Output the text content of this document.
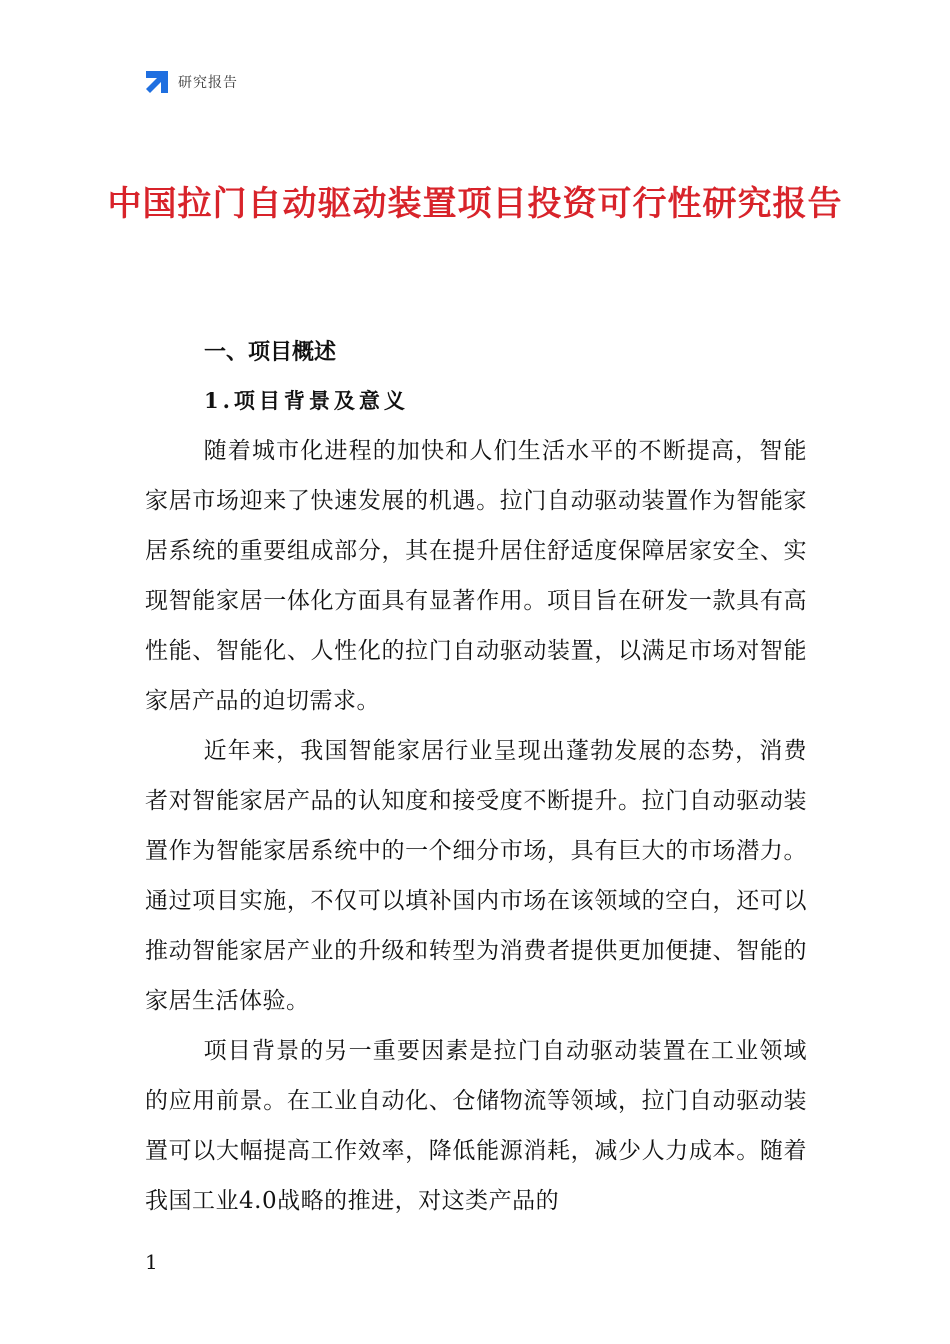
研究报告
中国拉门自动驱动装置项目投资可行性研究报告
一、项目概述
1.项目背景及意义

随着城市化进程的加快和人们生活水平的不断提高，智能家居市场迎来了快速发展的机遇。拉门自动驱动装置作为智能家居系统的重要组成部分，其在提升居住舒适度保障居家安全、实现智能家居一体化方面具有显著作用。项目旨在研发一款具有高性能、智能化、人性化的拉门自动驱动装置，以满足市场对智能家居产品的迫切需求。

近年来，我国智能家居行业呈现出蓬勃发展的态势，消费者对智能家居产品的认知度和接受度不断提升。拉门自动驱动装置作为智能家居系统中的一个细分市场，具有巨大的市场潜力。通过项目实施，不仅可以填补国内市场在该领域的空白，还可以推动智能家居产业的升级和转型为消费者提供更加便捷、智能的家居生活体验。

项目背景的另一重要因素是拉门自动驱动装置在工业领域的应用前景。在工业自动化、仓储物流等领域，拉门自动驱动装置可以大幅提高工作效率，降低能源消耗，减少人力成本。随着我国工业4.0战略的推进，对这类产品的

1
